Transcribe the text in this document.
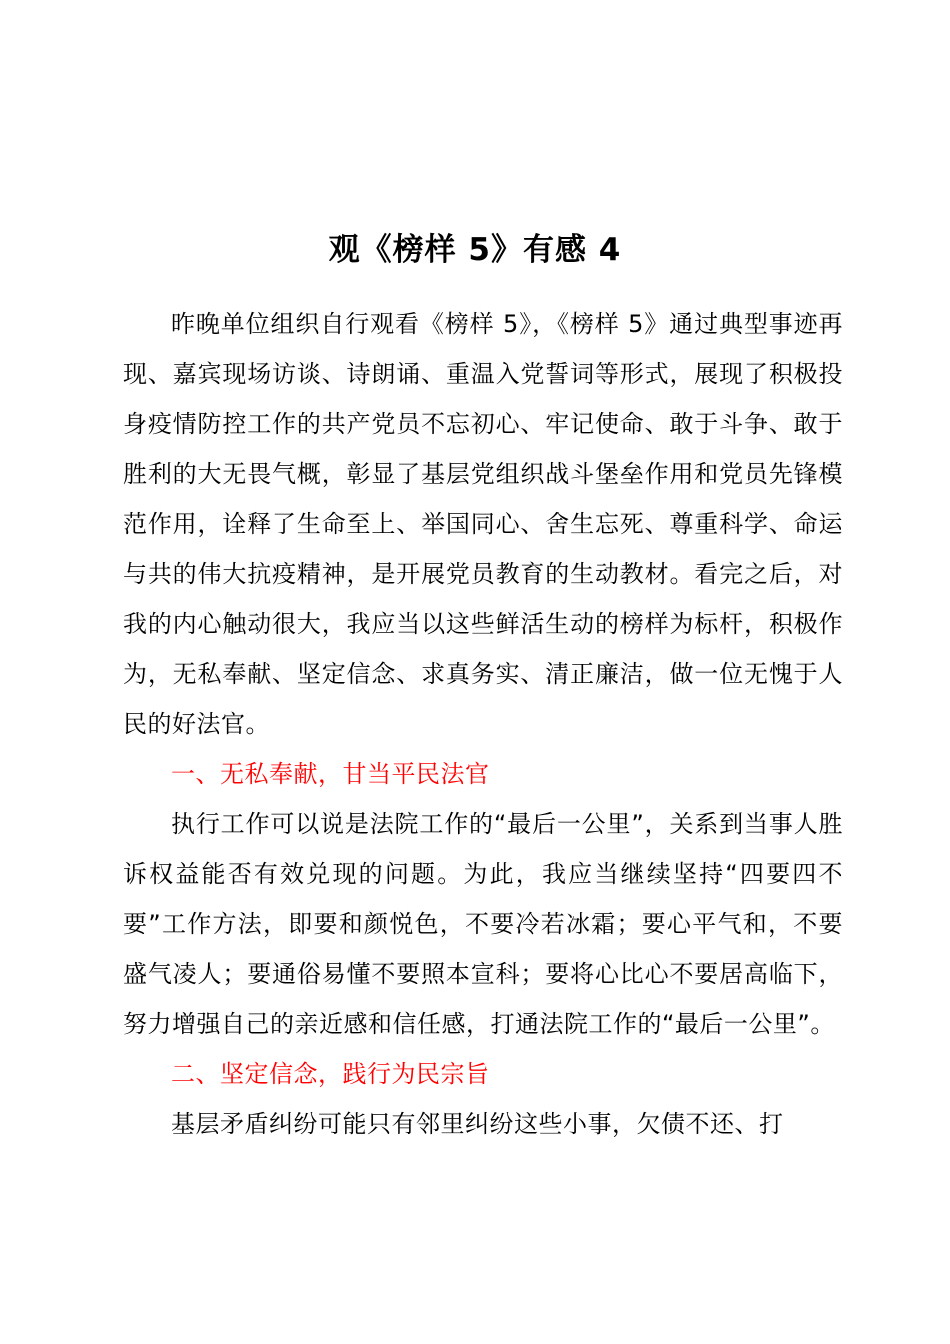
观《榜样 5》有感 4

昨晚单位组织自行观看《榜样 5》，《榜样 5》通过典型事迹再现、嘉宾现场访谈、诗朗诵、重温入党誓词等形式，展现了积极投身疫情防控工作的共产党员不忘初心、牢记使命、敢于斗争、敢于胜利的大无畏气概，彰显了基层党组织战斗堡垒作用和党员先锋模范作用，诠释了生命至上、举国同心、舍生忘死、尊重科学、命运与共的伟大抗疫精神，是开展党员教育的生动教材。看完之后，对我的内心触动很大，我应当以这些鲜活生动的榜样为标杆，积极作为，无私奉献、坚定信念、求真务实、清正廉洁，做一位无愧于人民的好法官。

一、无私奉献，甘当平民法官

执行工作可以说是法院工作的“最后一公里”，关系到当事人胜诉权益能否有效兑现的问题。为此，我应当继续坚持“四要四不要”工作方法，即要和颜悦色，不要冷若冰霜；要心平气和，不要盛气凌人；要通俗易懂不要照本宣科；要将心比心不要居高临下，努力增强自己的亲近感和信任感，打通法院工作的“最后一公里”。

二、坚定信念，践行为民宗旨

基层矛盾纠纷可能只有邻里纠纷这些小事，欠债不还、打
